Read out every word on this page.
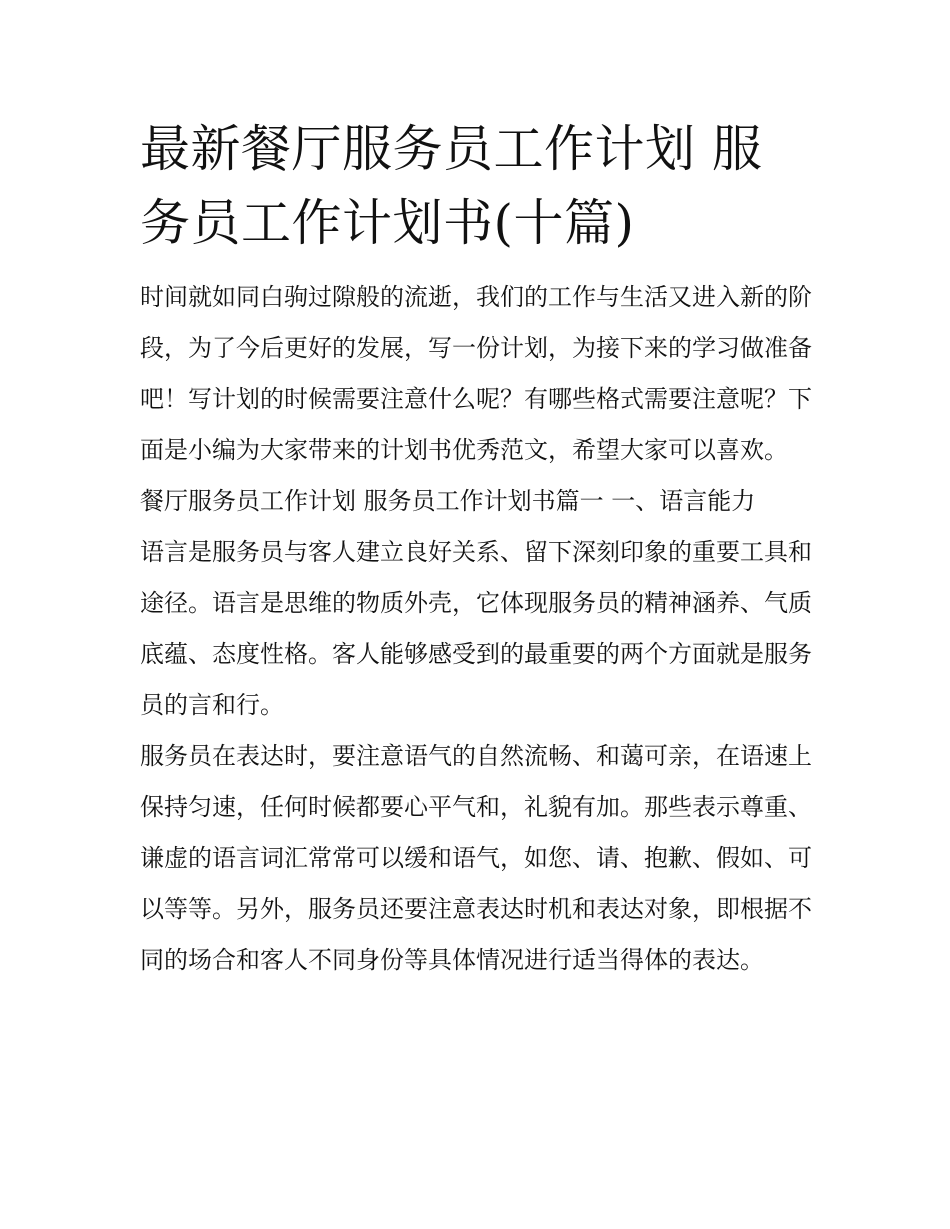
最新餐厅服务员工作计划 服务员工作计划书(十篇)

时间就如同白驹过隙般的流逝，我们的工作与生活又进入新的阶段，为了今后更好的发展，写一份计划，为接下来的学习做准备吧！写计划的时候需要注意什么呢？有哪些格式需要注意呢？下面是小编为大家带来的计划书优秀范文，希望大家可以喜欢。

餐厅服务员工作计划 服务员工作计划书篇一 一、语言能力

语言是服务员与客人建立良好关系、留下深刻印象的重要工具和途径。语言是思维的物质外壳，它体现服务员的精神涵养、气质底蕴、态度性格。客人能够感受到的最重要的两个方面就是服务员的言和行。

服务员在表达时，要注意语气的自然流畅、和蔼可亲，在语速上保持匀速，任何时候都要心平气和，礼貌有加。那些表示尊重、谦虚的语言词汇常常可以缓和语气，如您、请、抱歉、假如、可以等等。另外，服务员还要注意表达时机和表达对象，即根据不同的场合和客人不同身份等具体情况进行适当得体的表达。
